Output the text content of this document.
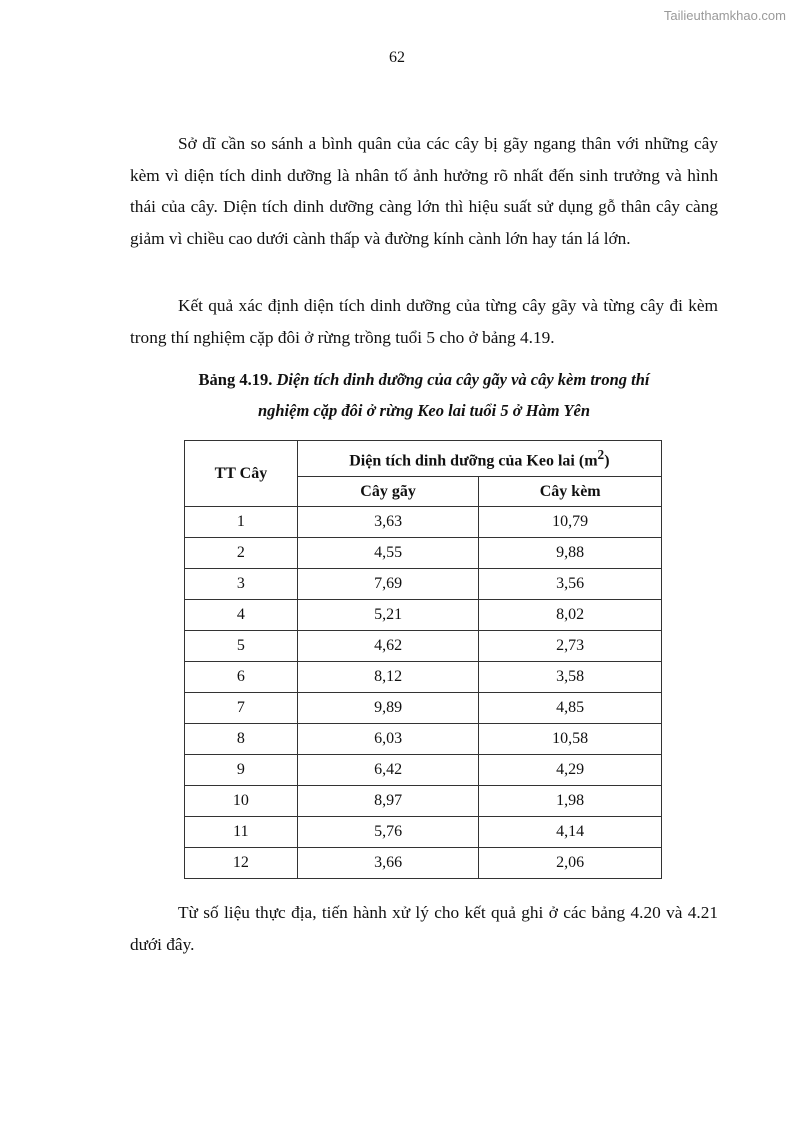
Tailieuthamkhao.com
62

Sở dĩ cần so sánh a bình quân của các cây bị gãy ngang thân với những cây kèm vì diện tích dinh dưỡng là nhân tố ảnh hưởng rõ nhất đến sinh trưởng và hình thái của cây. Diện tích dinh dưỡng càng lớn thì hiệu suất sử dụng gỗ thân cây càng giảm vì chiều cao dưới cành thấp và đường kính cành lớn hay tán lá lớn.

Kết quả xác định diện tích dinh dưỡng của từng cây gãy và từng cây đi kèm trong thí nghiệm cặp đôi ở rừng trồng tuổi 5 cho ở bảng 4.19.

Bảng 4.19. Diện tích dinh dưỡng của cây gãy và cây kèm trong thí
nghiệm cặp đôi ở rừng Keo lai tuổi 5 ở Hàm Yên

TT Cây	Diện tích dinh dưỡng của Keo lai $(m^2)$	
	Cây gãy	Cây kèm
1	3,63	10,79
2	4,55	9,88
3	7,69	3,56
4	5,21	8,02
5	4,62	2,73
6	8,12	3,58
7	9,89	4,85
8	6,03	10,58
9	6,42	4,29
10	8,97	1,98
11	5,76	4,14
12	3,66	2,06

Từ số liệu thực địa, tiến hành xử lý cho kết quả ghi ở các bảng 4.20 và 4.21 dưới đây.
